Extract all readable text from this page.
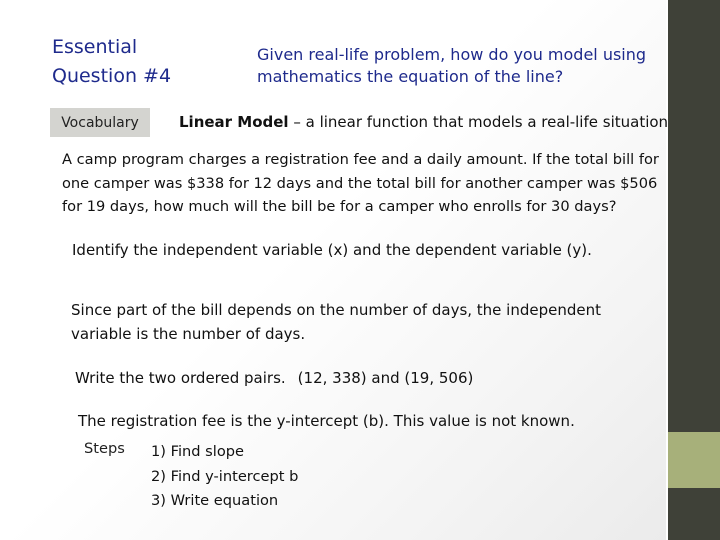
Essential Question #4
Given real-life problem, how do you model using mathematics the equation of the line?
Vocabulary	Linear Model – a linear function that models a real-life situation
A camp program charges a registration fee and a daily amount. If the total bill for one camper was $338 for 12 days and the total bill for another camper was $506 for 19 days, how much will the bill be for a camper who enrolls for 30 days?
Identify the independent variable (x) and the dependent variable (y).
Since part of the bill depends on the number of days, the independent variable is the number of days.
Write the two ordered pairs. (12, 338) and (19, 506)
The registration fee is the y-intercept (b). This value is not known.
Steps 1) Find slope
2) Find y-intercept b
3) Write equation
